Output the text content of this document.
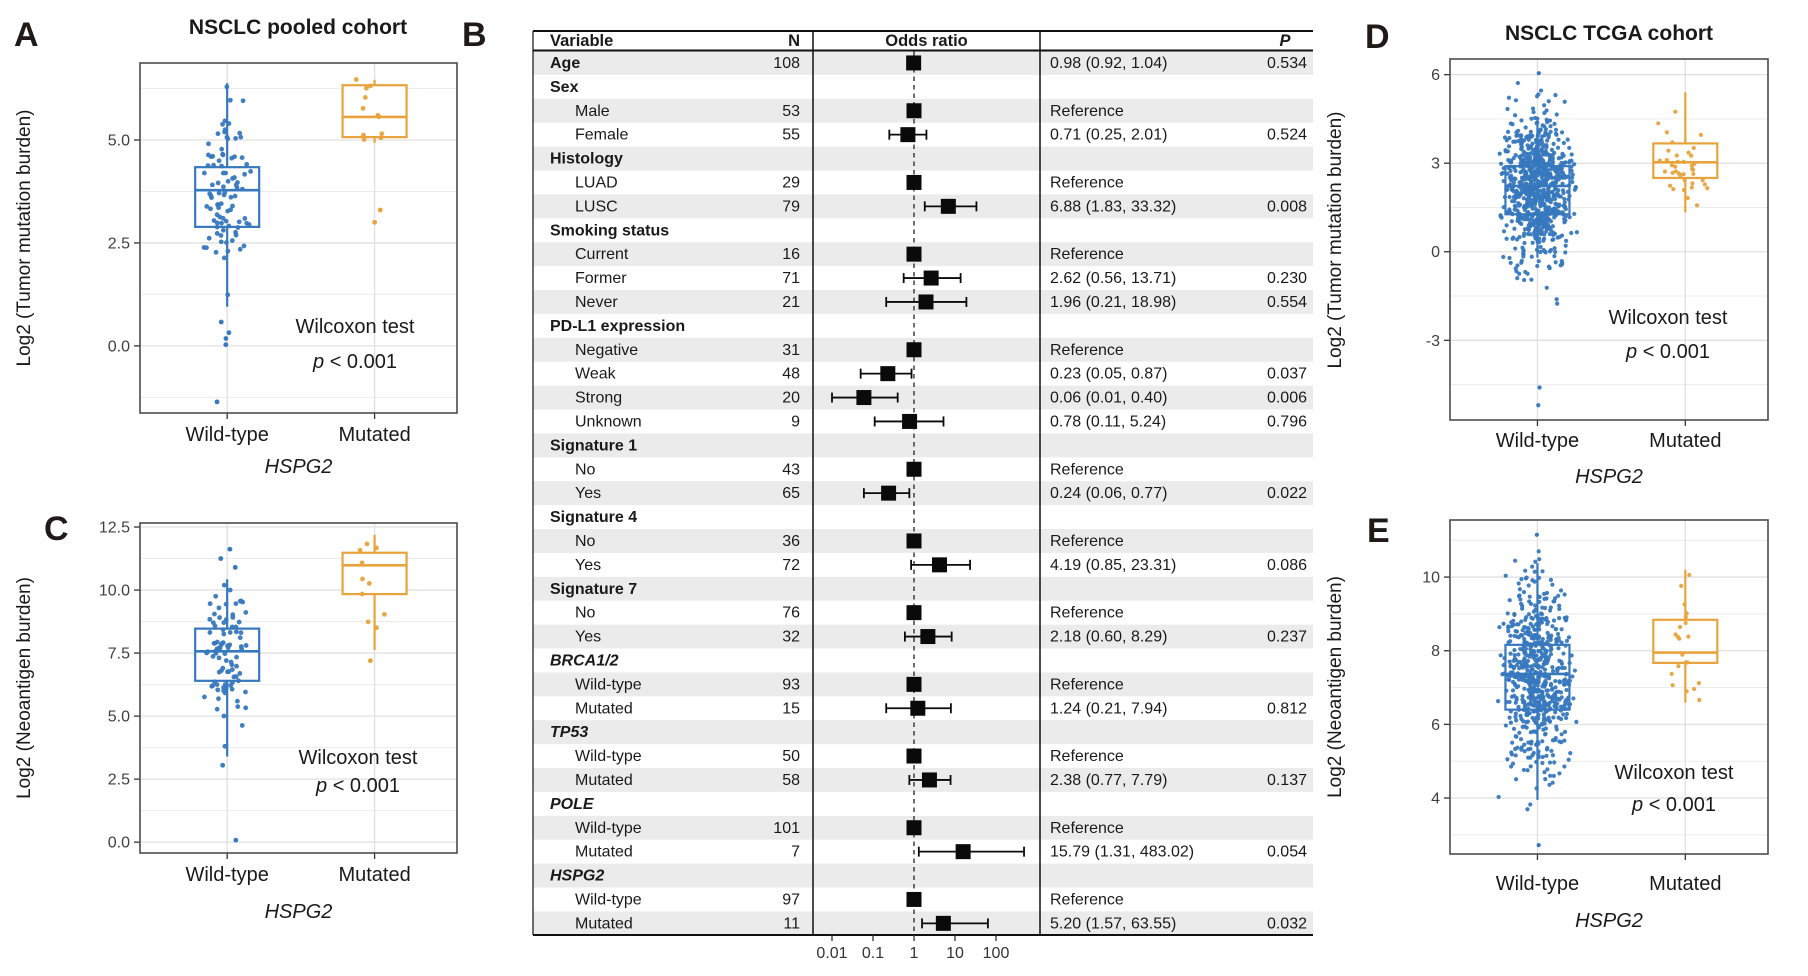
A	NSCLC pooled cohort
0.0
2.5
5.0
Log2 (Tumor mutation burden)
Wild-type	Mutated
HSPG2
Wilcoxon test
p < 0.001
C
0.0
2.5
5.0
7.5
10.0
12.5
Log2 (Neoantigen burden)
Wild-type	Mutated
HSPG2
Wilcoxon test
p < 0.001
B	Variable	N	Odds ratio	P
Age	108	0.98 (0.92, 1.04)	0.534
Sex
Male	53	Reference
Female	55	0.71 (0.25, 2.01)	0.524
Histology
LUAD	29	Reference
LUSC	79	6.88 (1.83, 33.32)	0.008
Smoking status
Current	16	Reference
Former	71	2.62 (0.56, 13.71)	0.230
Never	21	1.96 (0.21, 18.98)	0.554
PD-L1 expression
Negative	31	Reference
Weak	48	0.23 (0.05, 0.87)	0.037
Strong	20	0.06 (0.01, 0.40)	0.006
Unknown	9	0.78 (0.11, 5.24)	0.796
Signature 1
No	43	Reference
Yes	65	0.24 (0.06, 0.77)	0.022
Signature 4
No	36	Reference
Yes	72	4.19 (0.85, 23.31)	0.086
Signature 7
No	76	Reference
Yes	32	2.18 (0.60, 8.29)	0.237
BRCA1/2
Wild-type	93	Reference
Mutated	15	1.24 (0.21, 7.94)	0.812
TP53
Wild-type	50	Reference
Mutated	58	2.38 (0.77, 7.79)	0.137
POLE
Wild-type	101	Reference
Mutated	7	15.79 (1.31, 483.02)	0.054
HSPG2
Wild-type	97	Reference
Mutated	11	5.20 (1.57, 63.55)	0.032
0.01 0.1 1 10 100
D	NSCLC TCGA cohort
-3
0
3
6
Log2 (Tumor mutation burden)
Wild-type	Mutated
HSPG2
Wilcoxon test
p < 0.001
E
4
6
8
10
Log2 (Neoantigen burden)
Wild-type	Mutated
HSPG2
Wilcoxon test
p < 0.001
